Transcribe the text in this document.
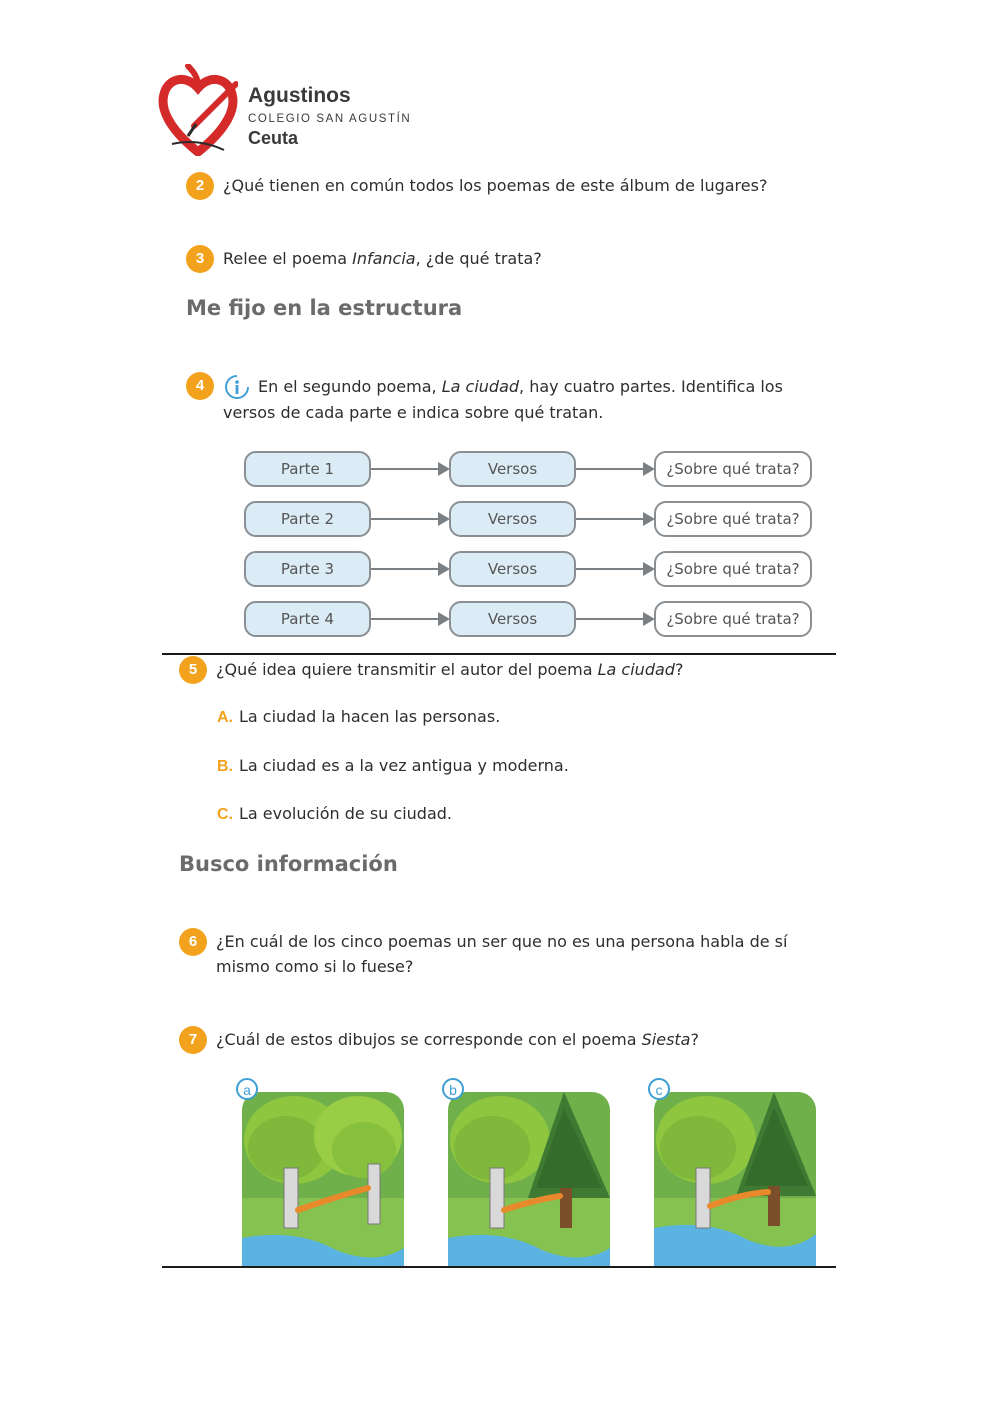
Agustinos
COLEGIO SAN AGUSTÍN
Ceuta
2	¿Qué tienen en común todos los poemas de este álbum de lugares?
3	Relee el poema Infancia, ¿de qué trata?
Me fijo en la estructura
4	En el segundo poema, La ciudad, hay cuatro partes. Identifica los
versos de cada parte e indica sobre qué tratan.
Parte 1	Versos	¿Sobre qué trata?
Parte 2	Versos	¿Sobre qué trata?
Parte 3	Versos	¿Sobre qué trata?
Parte 4	Versos	¿Sobre qué trata?
5	¿Qué idea quiere transmitir el autor del poema La ciudad?
A. La ciudad la hacen las personas.
B. La ciudad es a la vez antigua y moderna.
C. La evolución de su ciudad.
Busco información
6	¿En cuál de los cinco poemas un ser que no es una persona habla de sí
mismo como si lo fuese?
7	¿Cuál de estos dibujos se corresponde con el poema Siesta?
a	b	c
